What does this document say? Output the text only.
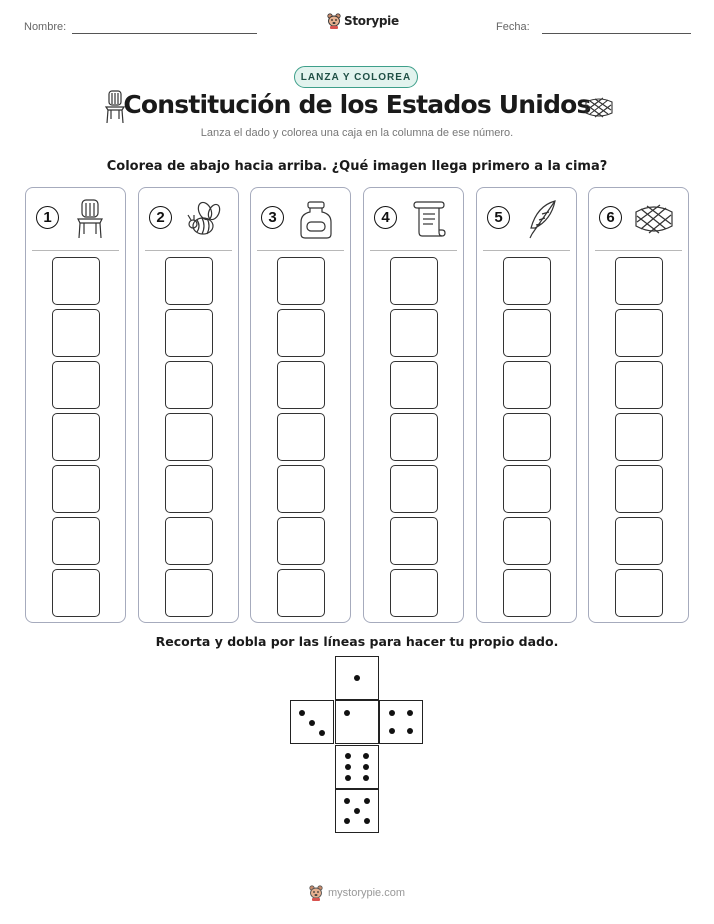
Nombre:	Storypie	Fecha:
LANZA Y COLOREA
Constitución de los Estados Unidos
Lanza el dado y colorea una caja en la columna de ese número.
Colorea de abajo hacia arriba. ¿Qué imagen llega primero a la cima?
1	2	3	4	5	6
Recorta y dobla por las líneas para hacer tu propio dado.
mystorypie.com
